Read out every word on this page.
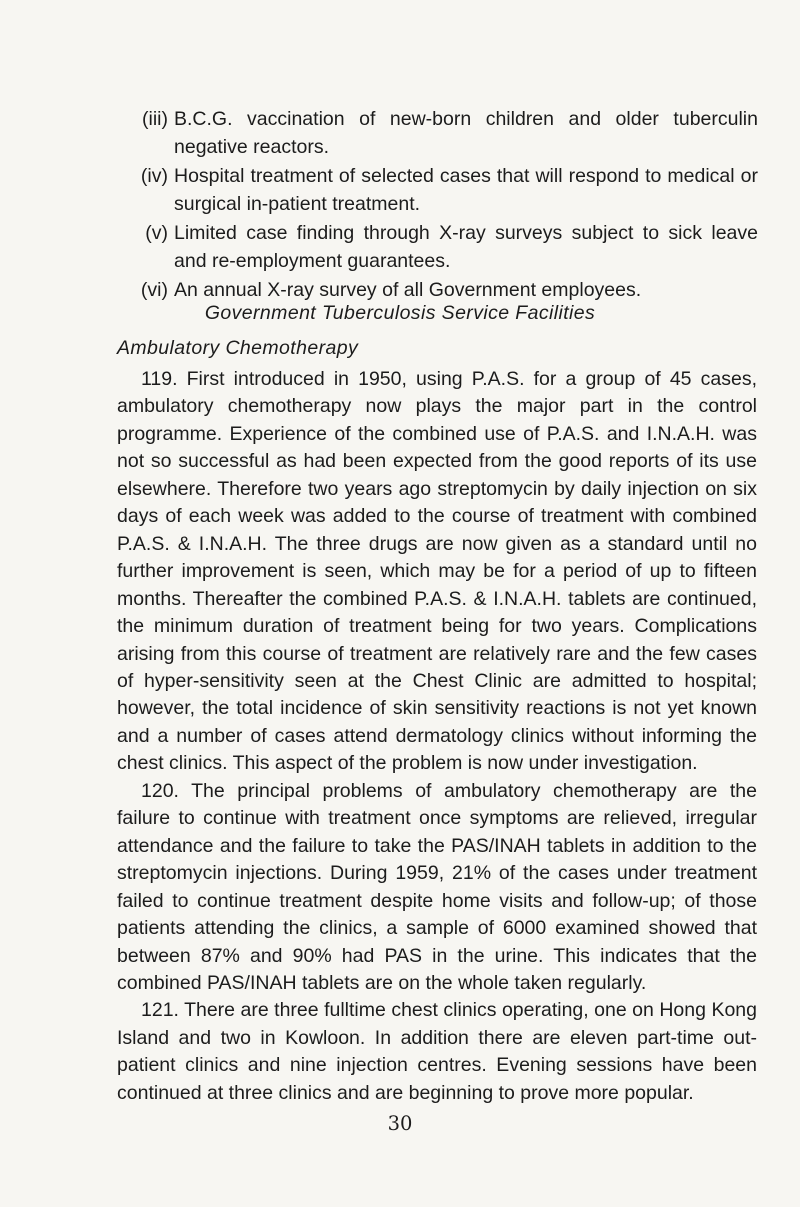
(iii) B.C.G. vaccination of new-born children and older tuberculin negative reactors.
(iv) Hospital treatment of selected cases that will respond to medical or surgical in-patient treatment.
(v) Limited case finding through X-ray surveys subject to sick leave and re-employment guarantees.
(vi) An annual X-ray survey of all Government employees.
Government Tuberculosis Service Facilities
Ambulatory Chemotherapy

119. First introduced in 1950, using P.A.S. for a group of 45 cases, ambulatory chemotherapy now plays the major part in the control programme. Experience of the combined use of P.A.S. and I.N.A.H. was not so successful as had been expected from the good reports of its use elsewhere. Therefore two years ago streptomycin by daily injection on six days of each week was added to the course of treatment with combined P.A.S. & I.N.A.H. The three drugs are now given as a standard until no further improvement is seen, which may be for a period of up to fifteen months. Thereafter the combined P.A.S. & I.N.A.H. tablets are continued, the minimum duration of treatment being for two years. Complications arising from this course of treatment are relatively rare and the few cases of hyper-sensitivity seen at the Chest Clinic are admitted to hospital; however, the total incidence of skin sensitivity reactions is not yet known and a number of cases attend dermatology clinics without informing the chest clinics. This aspect of the problem is now under investigation.

120. The principal problems of ambulatory chemotherapy are the failure to continue with treatment once symptoms are relieved, irregular attendance and the failure to take the PAS/INAH tablets in addition to the streptomycin injections. During 1959, 21% of the cases under treatment failed to continue treatment despite home visits and follow-up; of those patients attending the clinics, a sample of 6000 examined showed that between 87% and 90% had PAS in the urine. This indicates that the combined PAS/INAH tablets are on the whole taken regularly.

121. There are three fulltime chest clinics operating, one on Hong Kong Island and two in Kowloon. In addition there are eleven part-time out-patient clinics and nine injection centres. Evening sessions have been continued at three clinics and are beginning to prove more popular.

30
